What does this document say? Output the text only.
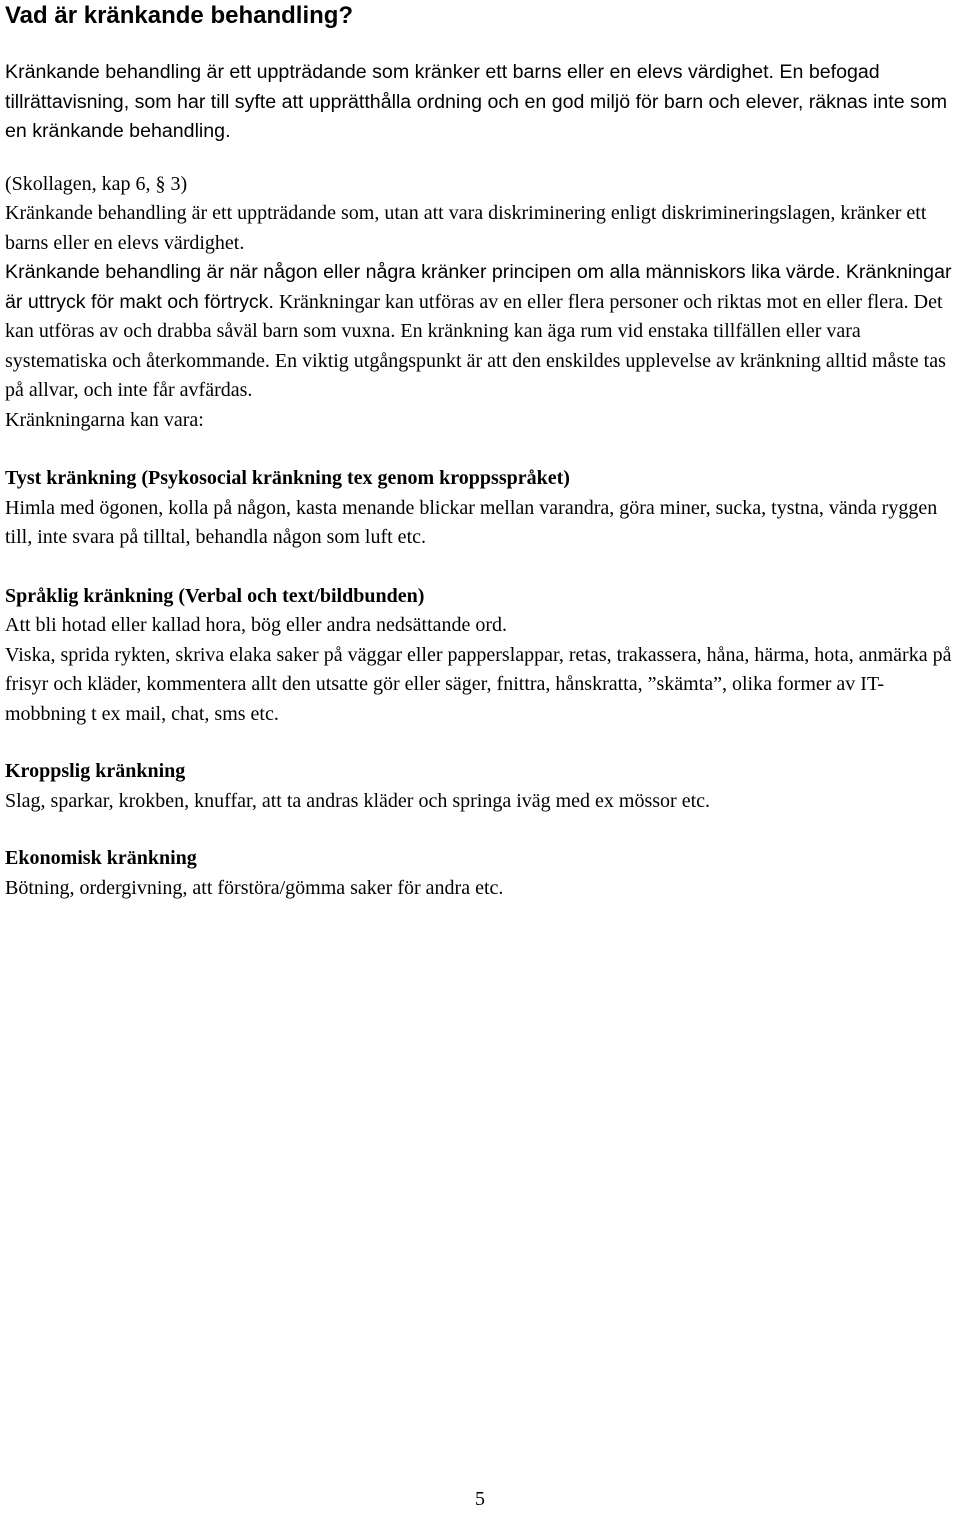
Vad är kränkande behandling?

Kränkande behandling är ett uppträdande som kränker ett barns eller en elevs värdighet. En befogad tillrättavisning, som har till syfte att upprätthålla ordning och en god miljö för barn och elever, räknas inte som en kränkande behandling.

(Skollagen, kap 6, § 3)

Kränkande behandling är ett uppträdande som, utan att vara diskriminering enligt diskrimineringslagen, kränker ett barns eller en elevs värdighet.

Kränkande behandling är när någon eller några kränker principen om alla människors lika värde. Kränkningar är uttryck för makt och förtryck. Kränkningar kan utföras av en eller flera personer och riktas mot en eller flera. Det kan utföras av och drabba såväl barn som vuxna. En kränkning kan äga rum vid enstaka tillfällen eller vara systematiska och återkommande. En viktig utgångspunkt är att den enskildes upplevelse av kränkning alltid måste tas på allvar, och inte får avfärdas.

Kränkningarna kan vara:

Tyst kränkning (Psykosocial kränkning tex genom kroppsspråket)

Himla med ögonen, kolla på någon, kasta menande blickar mellan varandra, göra miner, sucka, tystna, vända ryggen till, inte svara på tilltal, behandla någon som luft etc.

Språklig kränkning (Verbal och text/bildbunden)

Att bli hotad eller kallad hora, bög eller andra nedsättande ord.

Viska, sprida rykten, skriva elaka saker på väggar eller papperslappar, retas, trakassera, håna, härma, hota, anmärka på frisyr och kläder, kommentera allt den utsatte gör eller säger, fnittra, hånskratta, ”skämta”, olika former av IT-mobbning t ex mail, chat, sms etc.

Kroppslig kränkning

Slag, sparkar, krokben, knuffar, att ta andras kläder och springa iväg med ex mössor etc.

Ekonomisk kränkning

Bötning, ordergivning, att förstöra/gömma saker för andra etc.

5
